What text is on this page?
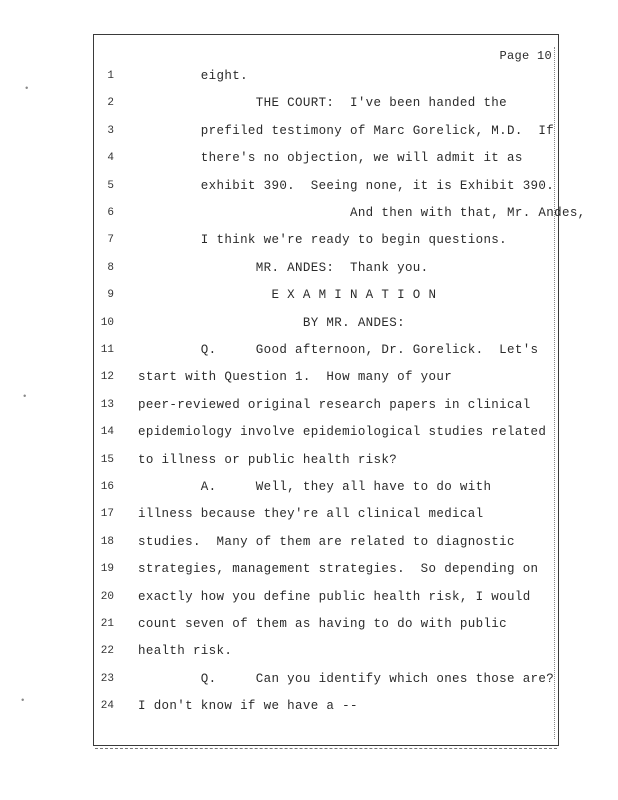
•
•
•
Page 10
1 eight.
2 THE COURT:  I've been handed the
3 prefiled testimony of Marc Gorelick, M.D.  If
4 there's no objection, we will admit it as
5 exhibit 390.  Seeing none, it is Exhibit 390.
6 And then with that, Mr. Andes,
7 I think we're ready to begin questions.
8 MR. ANDES:  Thank you.
9 E X A M I N A T I O N
10 BY MR. ANDES:
11 Q.     Good afternoon, Dr. Gorelick.  Let's
12 start with Question 1.  How many of your
13 peer-reviewed original research papers in clinical
14 epidemiology involve epidemiological studies related
15 to illness or public health risk?
16 A.     Well, they all have to do with
17 illness because they're all clinical medical
18 studies.  Many of them are related to diagnostic
19 strategies, management strategies.  So depending on
20 exactly how you define public health risk, I would
21 count seven of them as having to do with public
22 health risk.
23 Q.     Can you identify which ones those are?
24 I don't know if we have a --
